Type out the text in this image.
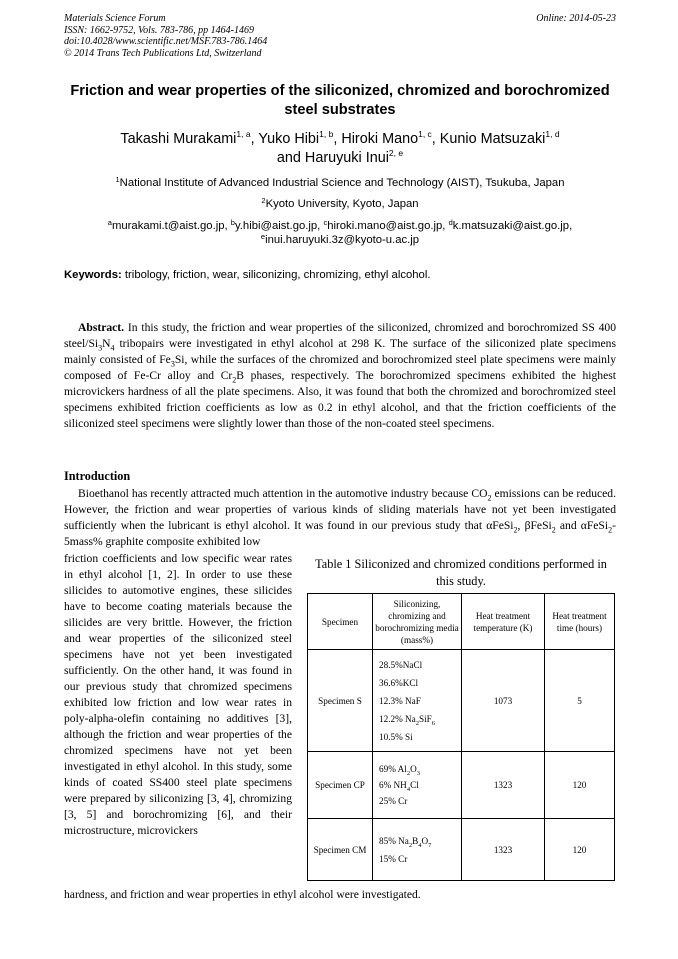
Materials Science Forum
ISSN: 1662-9752, Vols. 783-786, pp 1464-1469
doi:10.4028/www.scientific.net/MSF.783-786.1464
© 2014 Trans Tech Publications Ltd, Switzerland
Online: 2014-05-23
Friction and wear properties of the siliconized, chromized and borochromized steel substrates
Takashi Murakami$^{1, a}$, Yuko Hibi$^{1, b}$, Hiroki Mano$^{1, c}$, Kunio Matsuzaki$^{1, d}$
and Haruyuki Inui$^{2, e}$
$^1$National Institute of Advanced Industrial Science and Technology (AIST), Tsukuba, Japan
$^2$Kyoto University, Kyoto, Japan
$^a$murakami.t@aist.go.jp, $^b$y.hibi@aist.go.jp, $^c$hiroki.mano@aist.go.jp, $^d$k.matsuzaki@aist.go.jp,
$^e$inui.haruyuki.3z@kyoto-u.ac.jp
Keywords: tribology, friction, wear, siliconizing, chromizing, ethyl alcohol.
Abstract. In this study, the friction and wear properties of the siliconized, chromized and borochromized SS 400 steel/$Si_3N_4$ tribopairs were investigated in ethyl alcohol at 298 K. The surface of the siliconized plate specimens mainly consisted of $Fe_3Si$, while the surfaces of the chromized and borochromized steel plate specimens were mainly composed of Fe-Cr alloy and $Cr_2B$ phases, respectively. The borochromized specimens exhibited the highest microvickers hardness of all the plate specimens. Also, it was found that both the chromized and borochromized steel specimens exhibited friction coefficients as low as 0.2 in ethyl alcohol, and that the friction coefficients of the siliconized steel specimens were slightly lower than those of the non-coated steel specimens.
Introduction
Bioethanol has recently attracted much attention in the automotive industry because $CO_2$ emissions can be reduced. However, the friction and wear properties of various kinds of sliding materials have not yet been investigated sufficiently when the lubricant is ethyl alcohol. It was found in our previous study that αFeSi$_2$, βFeSi$_2$ and αFeSi$_2$-5mass% graphite composite exhibited low
friction coefficients and low specific wear rates in ethyl alcohol [1, 2]. In order to use these silicides to automotive engines, these silicides have to become coating materials because the silicides are very brittle. However, the friction and wear properties of the siliconized steel specimens have not yet been investigated sufficiently. On the other hand, it was found in our previous study that chromized specimens exhibited low friction and low wear rates in poly-alpha-olefin containing no additives [3], although the friction and wear properties of the chromized specimens have not yet been investigated in ethyl alcohol. In this study, some kinds of coated SS400 steel plate specimens were prepared by siliconizing [3, 4], chromizing [3, 5] and borochromizing [6], and their microstructure, microvickers
hardness, and friction and wear properties in ethyl alcohol were investigated.
Table 1 Siliconized and chromized conditions performed in this study.
Specimen	Siliconizing, chromizing and borochromizing media (mass%)	Heat treatment temperature (K)	Heat treatment time (hours)
Specimen S	28.5%NaCl
36.6%KCl
12.3% NaF
12.2% $Na_2SiF_6$
10.5% Si	1073	5
Specimen CP	69% $Al_2O_3$
6% $NH_4Cl$
25% Cr	1323	120
Specimen CM	85% $Na_2B_4O_7$
15% Cr	1323	120
